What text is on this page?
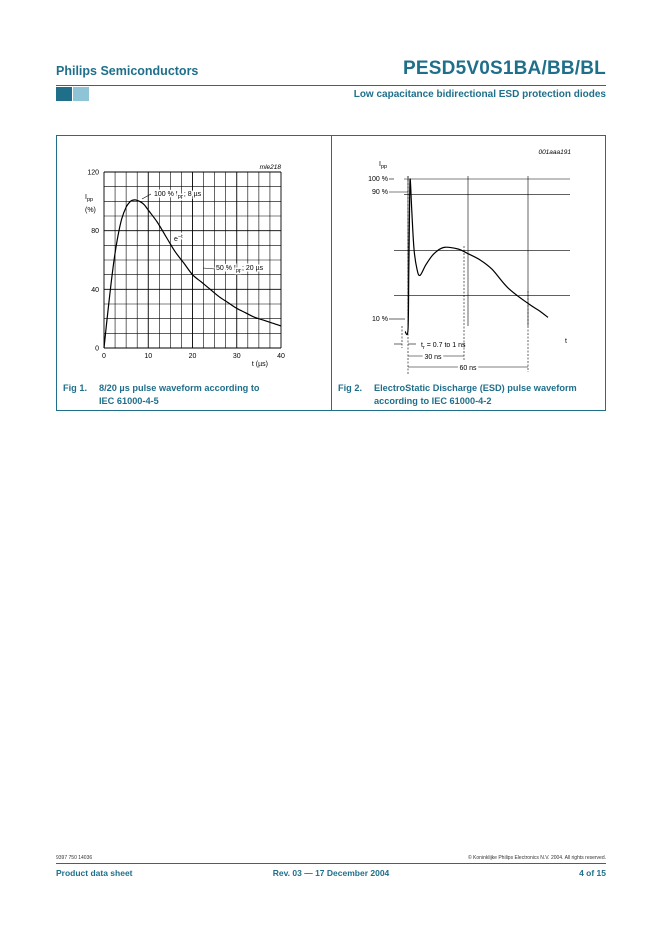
Philips Semiconductors	PESD5V0S1BA/BB/BL
Low capacitance bidirectional ESD protection diodes
mle218
120
80
40
0
0	10	20	30	40
$I_{pp}$
(%)
t (µs)
100 % $I_{pp}$; 8 µs
$e^{-t}$
50 % $I_{pp}$; 20 µs
Fig 1. 8/20 µs pulse waveform according to
IEC 61000-4-5
001aaa191
$I_{pp}$
100 %
90 %
10 %
t
$t_r = 0.7$ to 1 ns
30 ns
60 ns
Fig 2. ElectroStatic Discharge (ESD) pulse waveform
according to IEC 61000-4-2
9397 750 14036	© Koninklijke Philips Electronics N.V. 2004. All rights reserved.
Product data sheet	Rev. 03 — 17 December 2004	4 of 15
